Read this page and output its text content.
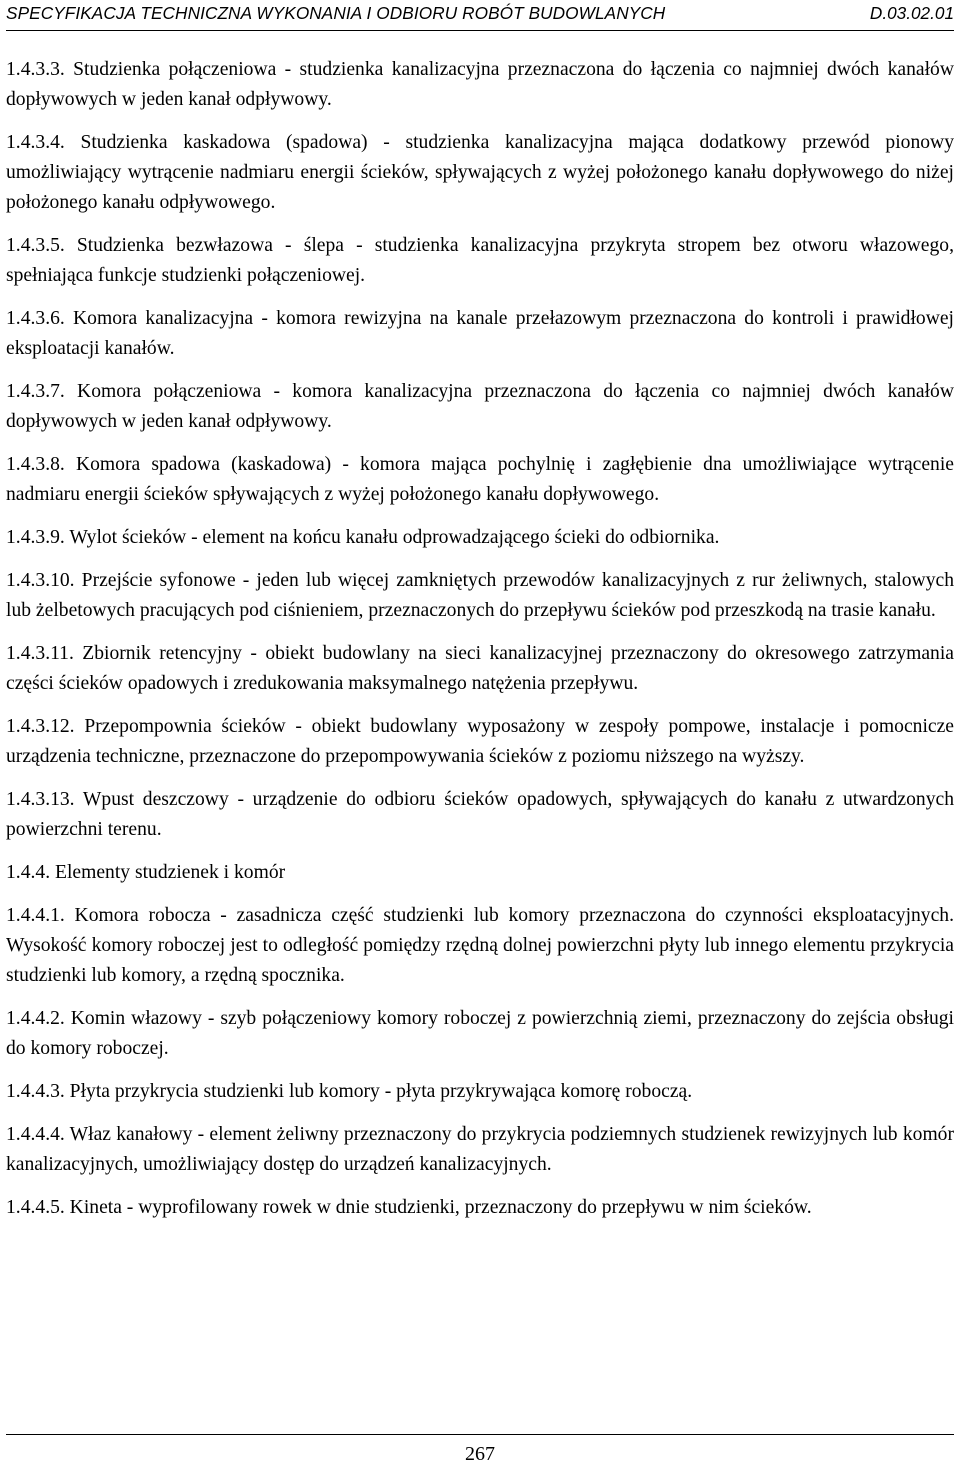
SPECYFIKACJA TECHNICZNA WYKONANIA I ODBIORU ROBÓT BUDOWLANYCH	D.03.02.01

1.4.3.3. Studzienka połączeniowa - studzienka kanalizacyjna przeznaczona do łączenia co najmniej dwóch kanałów dopływowych w jeden kanał odpływowy.

1.4.3.4. Studzienka kaskadowa (spadowa) - studzienka kanalizacyjna mająca dodatkowy przewód pionowy umożliwiający wytrącenie nadmiaru energii ścieków, spływających z wyżej położonego kanału dopływowego do niżej położonego kanału odpływowego.

1.4.3.5. Studzienka bezwłazowa - ślepa - studzienka kanalizacyjna przykryta stropem bez otworu włazowego, spełniająca funkcje studzienki połączeniowej.

1.4.3.6. Komora kanalizacyjna - komora rewizyjna na kanale przełazowym przeznaczona do kontroli i prawidłowej eksploatacji kanałów.

1.4.3.7. Komora połączeniowa - komora kanalizacyjna przeznaczona do łączenia co najmniej dwóch kanałów dopływowych w jeden kanał odpływowy.

1.4.3.8. Komora spadowa (kaskadowa) - komora mająca pochylnię i zagłębienie dna umożliwiające wytrącenie nadmiaru energii ścieków spływających z wyżej położonego kanału dopływowego.

1.4.3.9. Wylot ścieków - element na końcu kanału odprowadzającego ścieki do odbiornika.

1.4.3.10. Przejście syfonowe - jeden lub więcej zamkniętych przewodów kanalizacyjnych z rur żeliwnych, stalowych lub żelbetowych pracujących pod ciśnieniem, przeznaczonych do przepływu ścieków pod przeszkodą na trasie kanału.

1.4.3.11. Zbiornik retencyjny - obiekt budowlany na sieci kanalizacyjnej przeznaczony do okresowego zatrzymania części ścieków opadowych i zredukowania maksymalnego natężenia przepływu.

1.4.3.12. Przepompownia ścieków - obiekt budowlany wyposażony w zespoły pompowe, instalacje i pomocnicze urządzenia techniczne, przeznaczone do przepompowywania ścieków z poziomu niższego na wyższy.

1.4.3.13. Wpust deszczowy - urządzenie do odbioru ścieków opadowych, spływających do kanału z utwardzonych powierzchni terenu.

1.4.4. Elementy studzienek i komór

1.4.4.1. Komora robocza - zasadnicza część studzienki lub komory przeznaczona do czynności eksploatacyjnych. Wysokość komory roboczej jest to odległość pomiędzy rzędną dolnej powierzchni płyty lub innego elementu przykrycia studzienki lub komory, a rzędną spocznika.

1.4.4.2. Komin włazowy - szyb połączeniowy komory roboczej z powierzchnią ziemi, przeznaczony do zejścia obsługi do komory roboczej.

1.4.4.3. Płyta przykrycia studzienki lub komory - płyta przykrywająca komorę roboczą.

1.4.4.4. Właz kanałowy - element żeliwny przeznaczony do przykrycia podziemnych studzienek rewizyjnych lub komór kanalizacyjnych, umożliwiający dostęp do urządzeń kanalizacyjnych.

1.4.4.5. Kineta - wyprofilowany rowek w dnie studzienki, przeznaczony do przepływu w nim ścieków.

267
